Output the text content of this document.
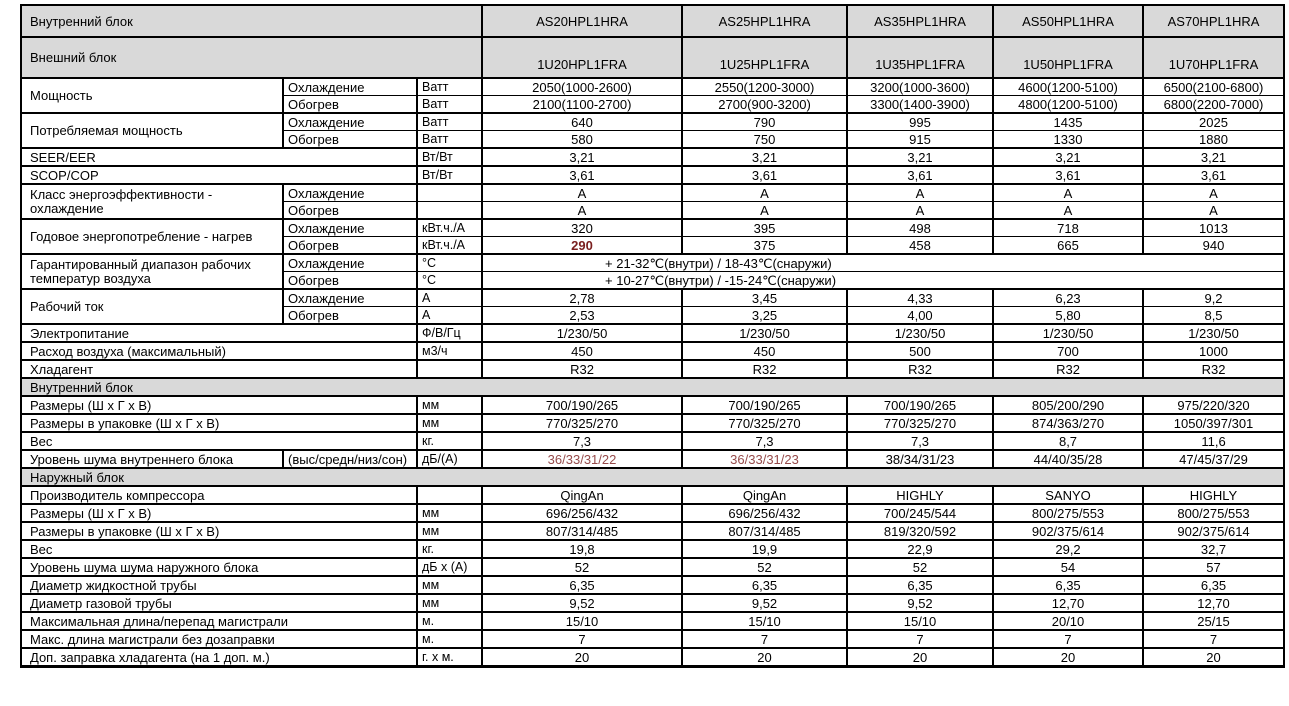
Внутренний блок			AS20HPL1HRA	AS25HPL1HRA	AS35HPL1HRA	AS50HPL1HRA	AS70HPL1HRA
Внешний блок			1U20HPL1FRA	1U25HPL1FRA	1U35HPL1FRA	1U50HPL1FRA	1U70HPL1FRA
Мощность	Охлаждение	Ватт	2050(1000-2600)	2550(1200-3000)	3200(1000-3600)	4600(1200-5100)	6500(2100-6800)
	Обогрев	Ватт	2100(1100-2700)	2700(900-3200)	3300(1400-3900)	4800(1200-5100)	6800(2200-7000)
Потребляемая мощность	Охлаждение	Ватт	640	790	995	1435	2025
	Обогрев	Ватт	580	750	915	1330	1880
SEER/EER		Вт/Вт	3,21	3,21	3,21	3,21	3,21
SCOP/COP		Вт/Вт	3,61	3,61	3,61	3,61	3,61
Класс энергоэффективности - охлаждение	Охлаждение		A	A	A	A	A
	Обогрев		A	A	A	A	A
Годовое энергопотребление - нагрев	Охлаждение	кВт.ч./А	320	395	498	718	1013
	Обогрев	кВт.ч./А	290	375	458	665	940
Гарантированный диапазон рабочих температур воздуха	Охлаждение	°С	+ 21-32℃(внутри) / 18-43℃(снаружи)				
	Обогрев	°С	+ 10-27℃(внутри) / -15-24℃(снаружи)				
Рабочий ток	Охлаждение	А	2,78	3,45	4,33	6,23	9,2
	Обогрев	А	2,53	3,25	4,00	5,80	8,5
Электропитание		Ф/В/Гц	1/230/50	1/230/50	1/230/50	1/230/50	1/230/50
Расход воздуха (максимальный)		м3/ч	450	450	500	700	1000
Хладагент			R32	R32	R32	R32	R32
Внутренний блок							
Размеры (Ш х Г х В)		мм	700/190/265	700/190/265	700/190/265	805/200/290	975/220/320
Размеры в упаковке (Ш х Г х В)		мм	770/325/270	770/325/270	770/325/270	874/363/270	1050/397/301
Вес		кг.	7,3	7,3	7,3	8,7	11,6
Уровень шума внутреннего блока	(выс/средн/низ/сон)	дБ/(А)	36/33/31/22	36/33/31/23	38/34/31/23	44/40/35/28	47/45/37/29
Наружный блок							
Производитель компрессора			QingAn	QingAn	HIGHLY	SANYO	HIGHLY
Размеры (Ш х Г х В)		мм	696/256/432	696/256/432	700/245/544	800/275/553	800/275/553
Размеры в упаковке (Ш х Г х В)		мм	807/314/485	807/314/485	819/320/592	902/375/614	902/375/614
Вес		кг.	19,8	19,9	22,9	29,2	32,7
Уровень шума шума наружного блока		дБ х (А)	52	52	52	54	57
Диаметр жидкостной трубы		мм	6,35	6,35	6,35	6,35	6,35
Диаметр газовой трубы		мм	9,52	9,52	9,52	12,70	12,70
Максимальная длина/перепад магистрали		м.	15/10	15/10	15/10	20/10	25/15
Макс. длина магистрали без дозаправки		м.	7	7	7	7	7
Доп. заправка хладагента (на 1 доп. м.)		г. х м.	20	20	20	20	20
